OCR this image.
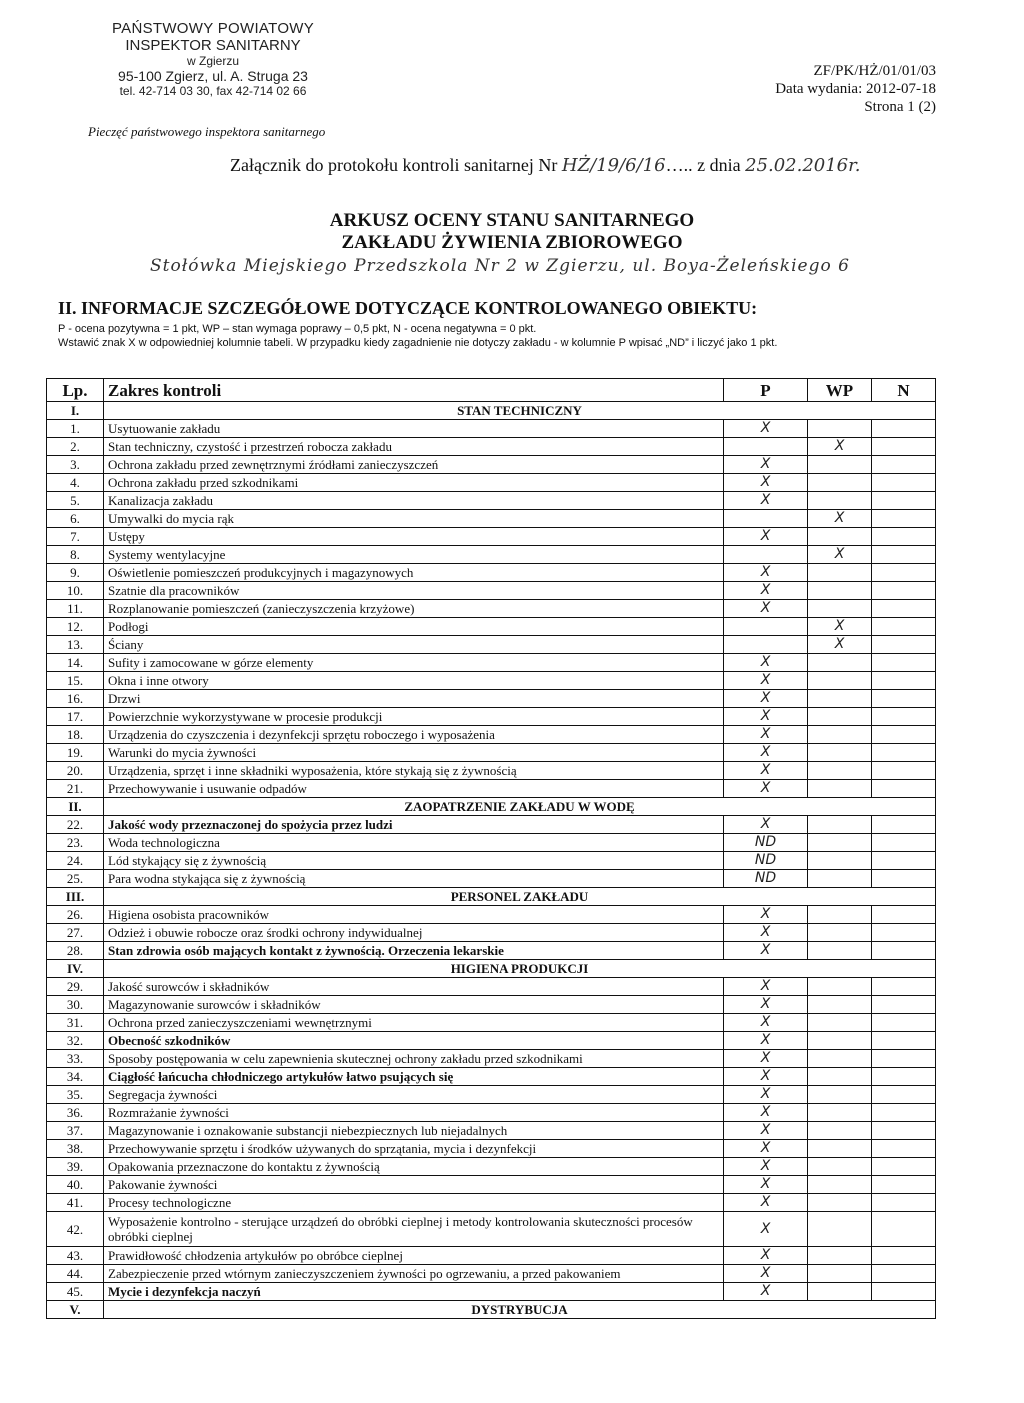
PAŃSTWOWY POWIATOWY
INSPEKTOR SANITARNY
w Zgierzu
95-100 Zgierz, ul. A. Struga 23
tel. 42-714 03 30, fax 42-714 02 66
Pieczęć państwowego inspektora sanitarnego
ZF/PK/HŻ/01/01/03
Data wydania: 2012-07-18
Strona 1 (2)
Załącznik do protokołu kontroli sanitarnej Nr HŻ/19/6/16….. z dnia 25.02.2016r.
ARKUSZ OCENY STANU SANITARNEGO
ZAKŁADU ŻYWIENIA ZBIOROWEGO
Stołówka Miejskiego Przedszkola Nr 2 w Zgierzu, ul. Boya-Żeleńskiego 6
II. INFORMACJE SZCZEGÓŁOWE DOTYCZĄCE KONTROLOWANEGO OBIEKTU:
P - ocena pozytywna = 1 pkt, WP – stan wymaga poprawy – 0,5 pkt, N - ocena negatywna = 0 pkt.
Wstawić znak X w odpowiedniej kolumnie tabeli. W przypadku kiedy zagadnienie nie dotyczy zakładu - w kolumnie P wpisać „ND” i liczyć jako 1 pkt.
Lp.	Zakres kontroli	P	WP	N
I.	STAN TECHNICZNY			
1.	Usytuowanie zakładu	X		
2.	Stan techniczny, czystość i przestrzeń robocza zakładu		X	
3.	Ochrona zakładu przed zewnętrznymi źródłami zanieczyszczeń	X		
4.	Ochrona zakładu przed szkodnikami	X		
5.	Kanalizacja zakładu	X		
6.	Umywalki do mycia rąk		X	
7.	Ustępy	X		
8.	Systemy wentylacyjne		X	
9.	Oświetlenie pomieszczeń produkcyjnych i magazynowych	X		
10.	Szatnie dla pracowników	X		
11.	Rozplanowanie pomieszczeń (zanieczyszczenia krzyżowe)	X		
12.	Podłogi		X	
13.	Ściany		X	
14.	Sufity i zamocowane w górze elementy	X		
15.	Okna i inne otwory	X		
16.	Drzwi	X		
17.	Powierzchnie wykorzystywane w procesie produkcji	X		
18.	Urządzenia do czyszczenia i dezynfekcji sprzętu roboczego i wyposażenia	X		
19.	Warunki do mycia żywności	X		
20.	Urządzenia, sprzęt i inne składniki wyposażenia, które stykają się z żywnością	X		
21.	Przechowywanie i usuwanie odpadów	X		
II.	ZAOPATRZENIE ZAKŁADU W WODĘ			
22.	Jakość wody przeznaczonej do spożycia przez ludzi	X		
23.	Woda technologiczna	ND		
24.	Lód stykający się z żywnością	ND		
25.	Para wodna stykająca się z żywnością	ND		
III.	PERSONEL ZAKŁADU			
26.	Higiena osobista pracowników	X		
27.	Odzież i obuwie robocze oraz środki ochrony indywidualnej	X		
28.	Stan zdrowia osób mających kontakt z żywnością. Orzeczenia lekarskie	X		
IV.	HIGIENA PRODUKCJI			
29.	Jakość surowców i składników	X		
30.	Magazynowanie surowców i składników	X		
31.	Ochrona przed zanieczyszczeniami wewnętrznymi	X		
32.	Obecność szkodników	X		
33.	Sposoby postępowania w celu zapewnienia skutecznej ochrony zakładu przed szkodnikami	X		
34.	Ciągłość łańcucha chłodniczego artykułów łatwo psujących się	X		
35.	Segregacja żywności	X		
36.	Rozmrażanie żywności	X		
37.	Magazynowanie i oznakowanie substancji niebezpiecznych lub niejadalnych	X		
38.	Przechowywanie sprzętu i środków używanych do sprzątania, mycia i dezynfekcji	X		
39.	Opakowania przeznaczone do kontaktu z żywnością	X		
40.	Pakowanie żywności	X		
41.	Procesy technologiczne	X		
42.	Wyposażenie kontrolno - sterujące urządzeń do obróbki cieplnej i metody kontrolowania skuteczności procesów obróbki cieplnej	X		
43.	Prawidłowość chłodzenia artykułów po obróbce cieplnej	X		
44.	Zabezpieczenie przed wtórnym zanieczyszczeniem żywności po ogrzewaniu, a przed pakowaniem	X		
45.	Mycie i dezynfekcja naczyń	X		
V.	DYSTRYBUCJA			
